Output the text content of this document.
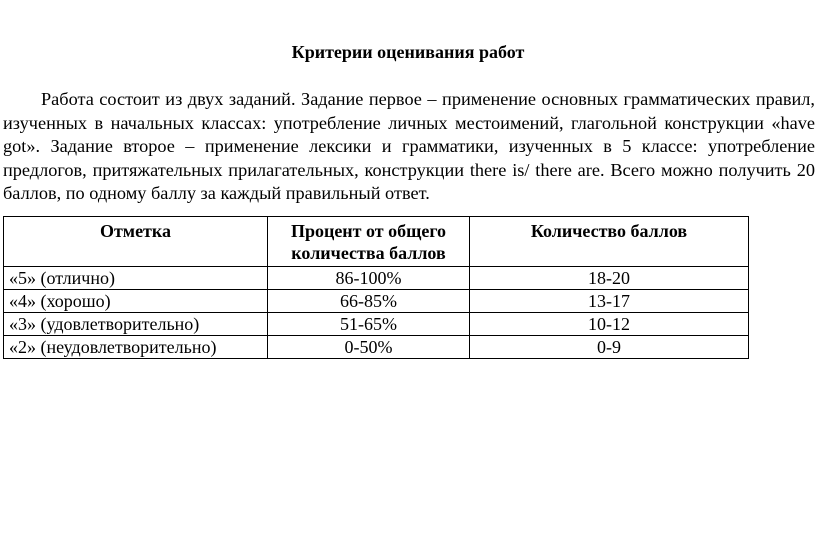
Критерии оценивания работ
Работа состоит из двух заданий. Задание первое – применение основных грамматических правил, изученных в начальных классах: употребление личных местоимений, глагольной конструкции «have got». Задание второе – применение лексики и грамматики, изученных в 5 классе: употребление предлогов, притяжательных прилагательных, конструкции there is/ there are. Всего можно получить 20 баллов, по одному баллу за каждый правильный ответ.
Отметка	Процент от общего количества баллов	Количество баллов
«5» (отлично)	86-100%	18-20
«4» (хорошо)	66-85%	13-17
«3» (удовлетворительно)	51-65%	10-12
«2» (неудовлетворительно)	0-50%	0-9
